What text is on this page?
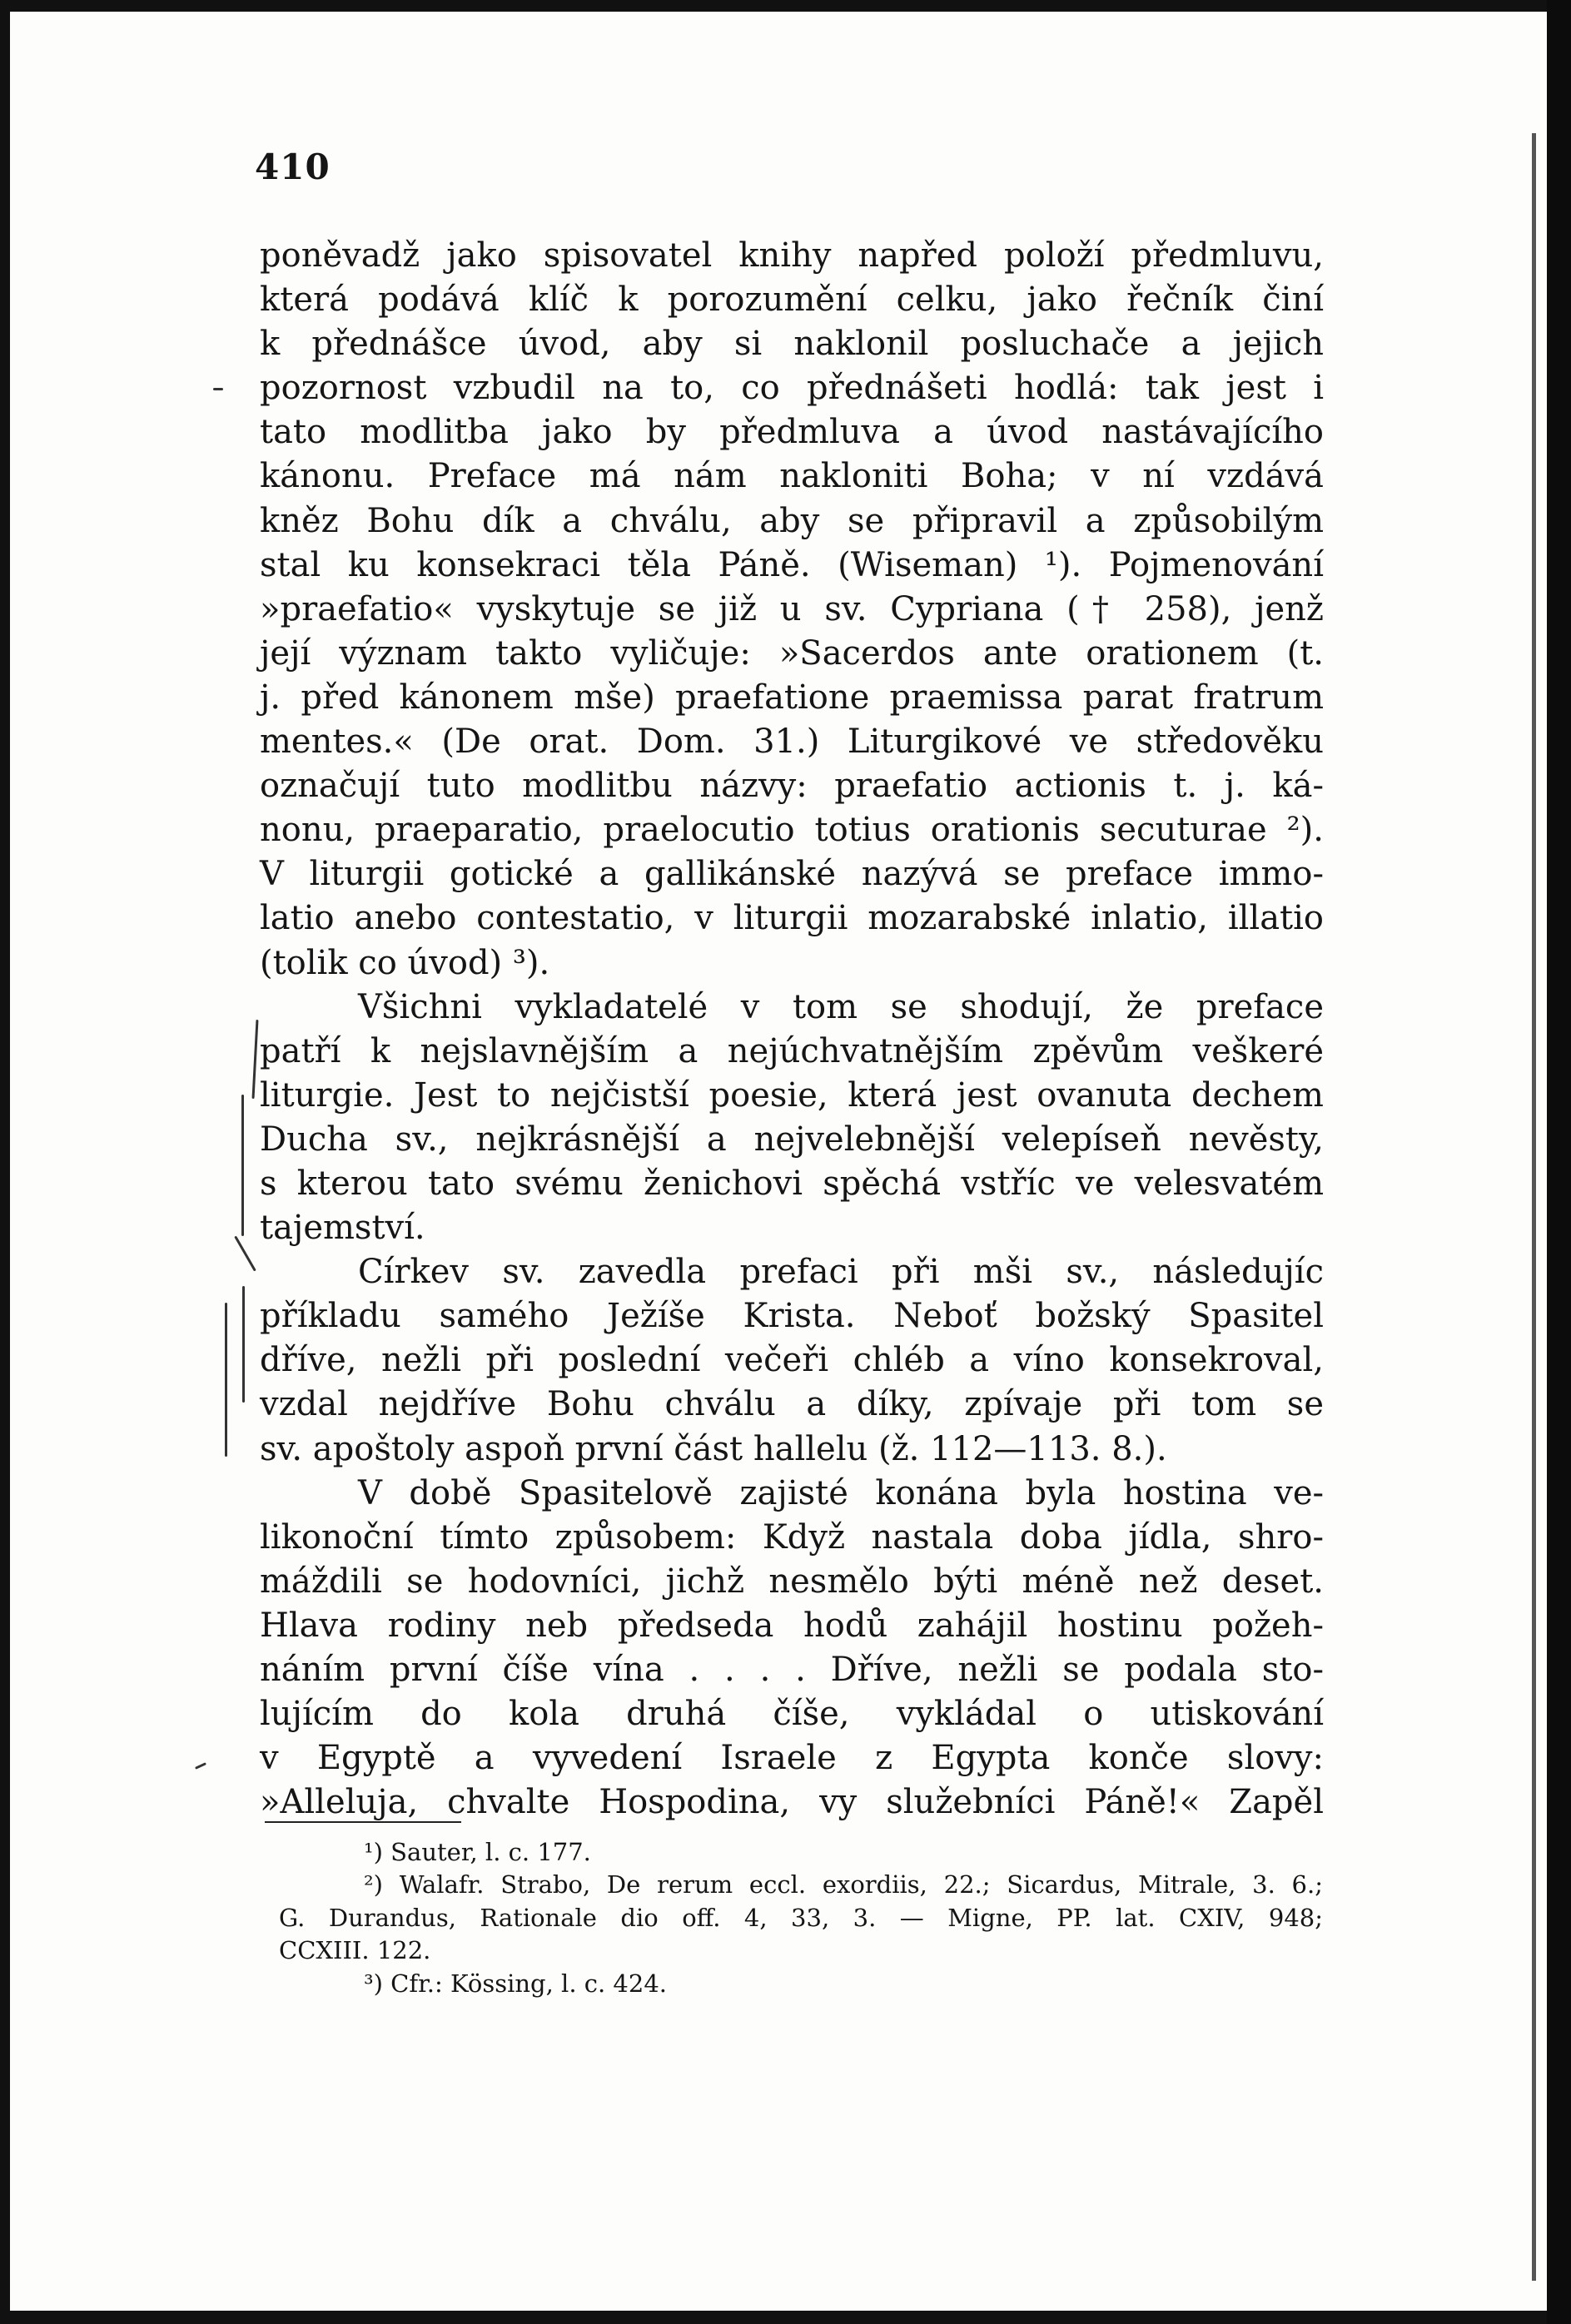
410
poněvadž jako spisovatel knihy napřed položí předmluvu,
která podává klíč k porozumění celku, jako řečník činí
k přednášce úvod, aby si naklonil posluchače a jejich
pozornost vzbudil na to, co přednášeti hodlá: tak jest i
tato modlitba jako by předmluva a úvod nastávajícího
kánonu. Preface má nám nakloniti Boha; v ní vzdává
kněz Bohu dík a chválu, aby se připravil a způsobilým
stal ku konsekraci těla Páně. (Wiseman) ¹). Pojmenování
»praefatio« vyskytuje se již u sv. Cypriana († 258), jenž
její význam takto vyličuje: »Sacerdos ante orationem (t.
j. před kánonem mše) praefatione praemissa parat fratrum
mentes.« (De orat. Dom. 31.) Liturgikové ve středověku
označují tuto modlitbu názvy: praefatio actionis t. j. ká-
nonu, praeparatio, praelocutio totius orationis secuturae ²).
V liturgii gotické a gallikánské nazývá se preface immo-
latio anebo contestatio, v liturgii mozarabské inlatio, illatio
(tolik co úvod) ³).
Všichni vykladatelé v tom se shodují, že preface
patří k nejslavnějším a nejúchvatnějším zpěvům veškeré
liturgie. Jest to nejčistší poesie, která jest ovanuta dechem
Ducha sv., nejkrásnější a nejvelebnější velepíseň nevěsty,
s kterou tato svému ženichovi spěchá vstříc ve velesvatém
tajemství.
Církev sv. zavedla prefaci při mši sv., následujíc
příkladu samého Ježíše Krista. Neboť božský Spasitel
dříve, nežli při poslední večeři chléb a víno konsekroval,
vzdal nejdříve Bohu chválu a díky, zpívaje při tom se
sv. apoštoly aspoň první část hallelu (ž. 112—113. 8.).
V době Spasitelově zajisté konána byla hostina ve-
likonoční tímto způsobem: Když nastala doba jídla, shro-
máždili se hodovníci, jichž nesmělo býti méně než deset.
Hlava rodiny neb předseda hodů zahájil hostinu požeh-
náním první číše vína . . . . Dříve, nežli se podala sto-
lujícím do kola druhá číše, vykládal o utiskování
v Egyptě a vyvedení Israele z Egypta konče slovy:
»Alleluja, chvalte Hospodina, vy služebníci Páně!« Zapěl
¹) Sauter, l. c. 177.
²) Walafr. Strabo, De rerum eccl. exordiis, 22.; Sicardus, Mitrale, 3. 6.;
G. Durandus, Rationale dio off. 4, 33, 3. — Migne, PP. lat. CXIV, 948;
CCXIII. 122.
³) Cfr.: Kössing, l. c. 424.
